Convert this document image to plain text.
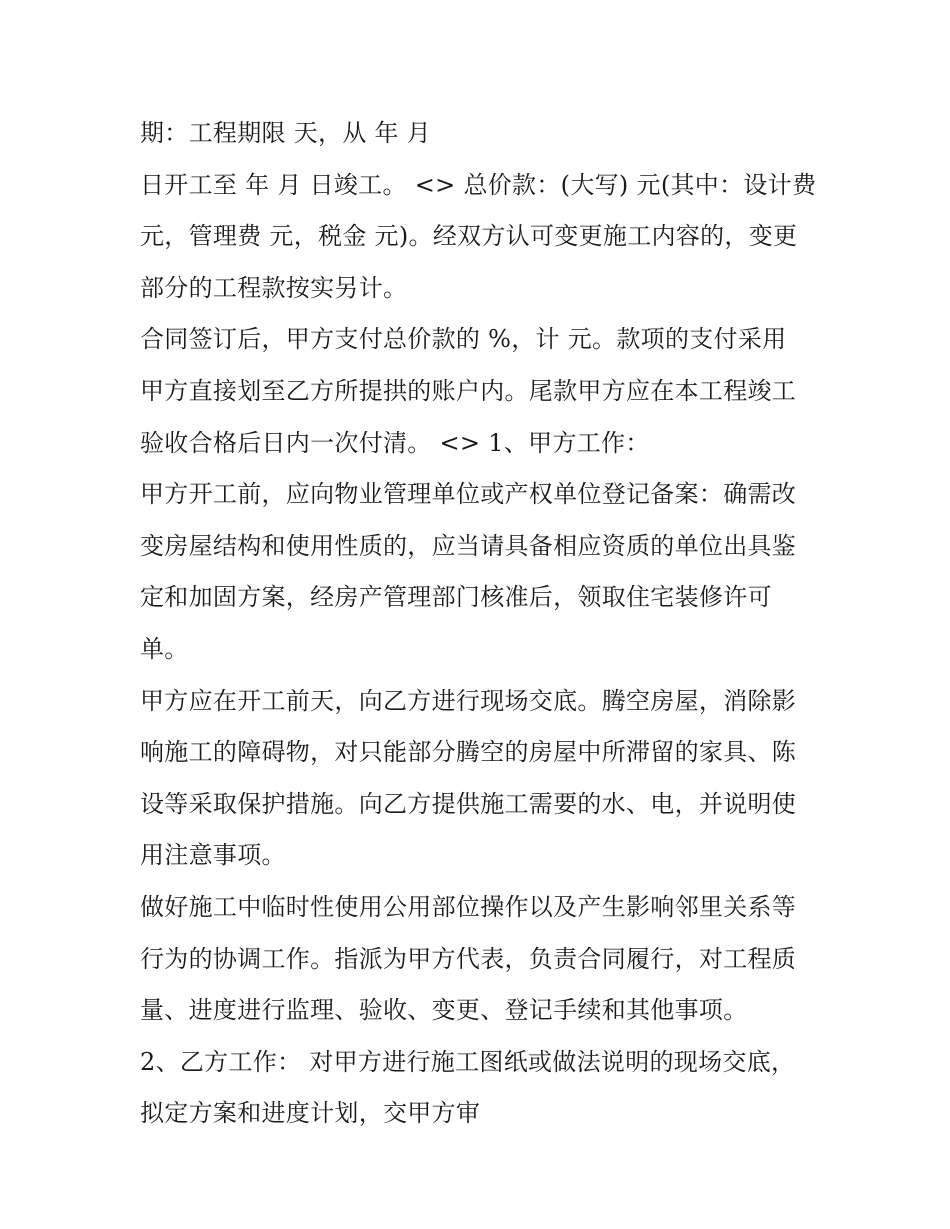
期：工程期限 天，从 年 月
日开工至 年 月 日竣工。 <> 总价款：(大写) 元(其中：设计费
元，管理费 元，税金 元)。经双方认可变更施工内容的，变更
部分的工程款按实另计。
合同签订后，甲方支付总价款的 %，计 元。款项的支付采用
甲方直接划至乙方所提拱的账户内。尾款甲方应在本工程竣工
验收合格后日内一次付清。 <> 1、甲方工作：
甲方开工前，应向物业管理单位或产权单位登记备案：确需改
变房屋结构和使用性质的，应当请具备相应资质的单位出具鉴
定和加固方案，经房产管理部门核准后，领取住宅装修许可
单。
甲方应在开工前天，向乙方进行现场交底。腾空房屋，消除影
响施工的障碍物，对只能部分腾空的房屋中所滞留的家具、陈
设等采取保护措施。向乙方提供施工需要的水、电，并说明使
用注意事项。
做好施工中临时性使用公用部位操作以及产生影响邻里关系等
行为的协调工作。指派为甲方代表，负责合同履行，对工程质
量、进度进行监理、验收、变更、登记手续和其他事项。
2、乙方工作： 对甲方进行施工图纸或做法说明的现场交底，
拟定方案和进度计划，交甲方审
